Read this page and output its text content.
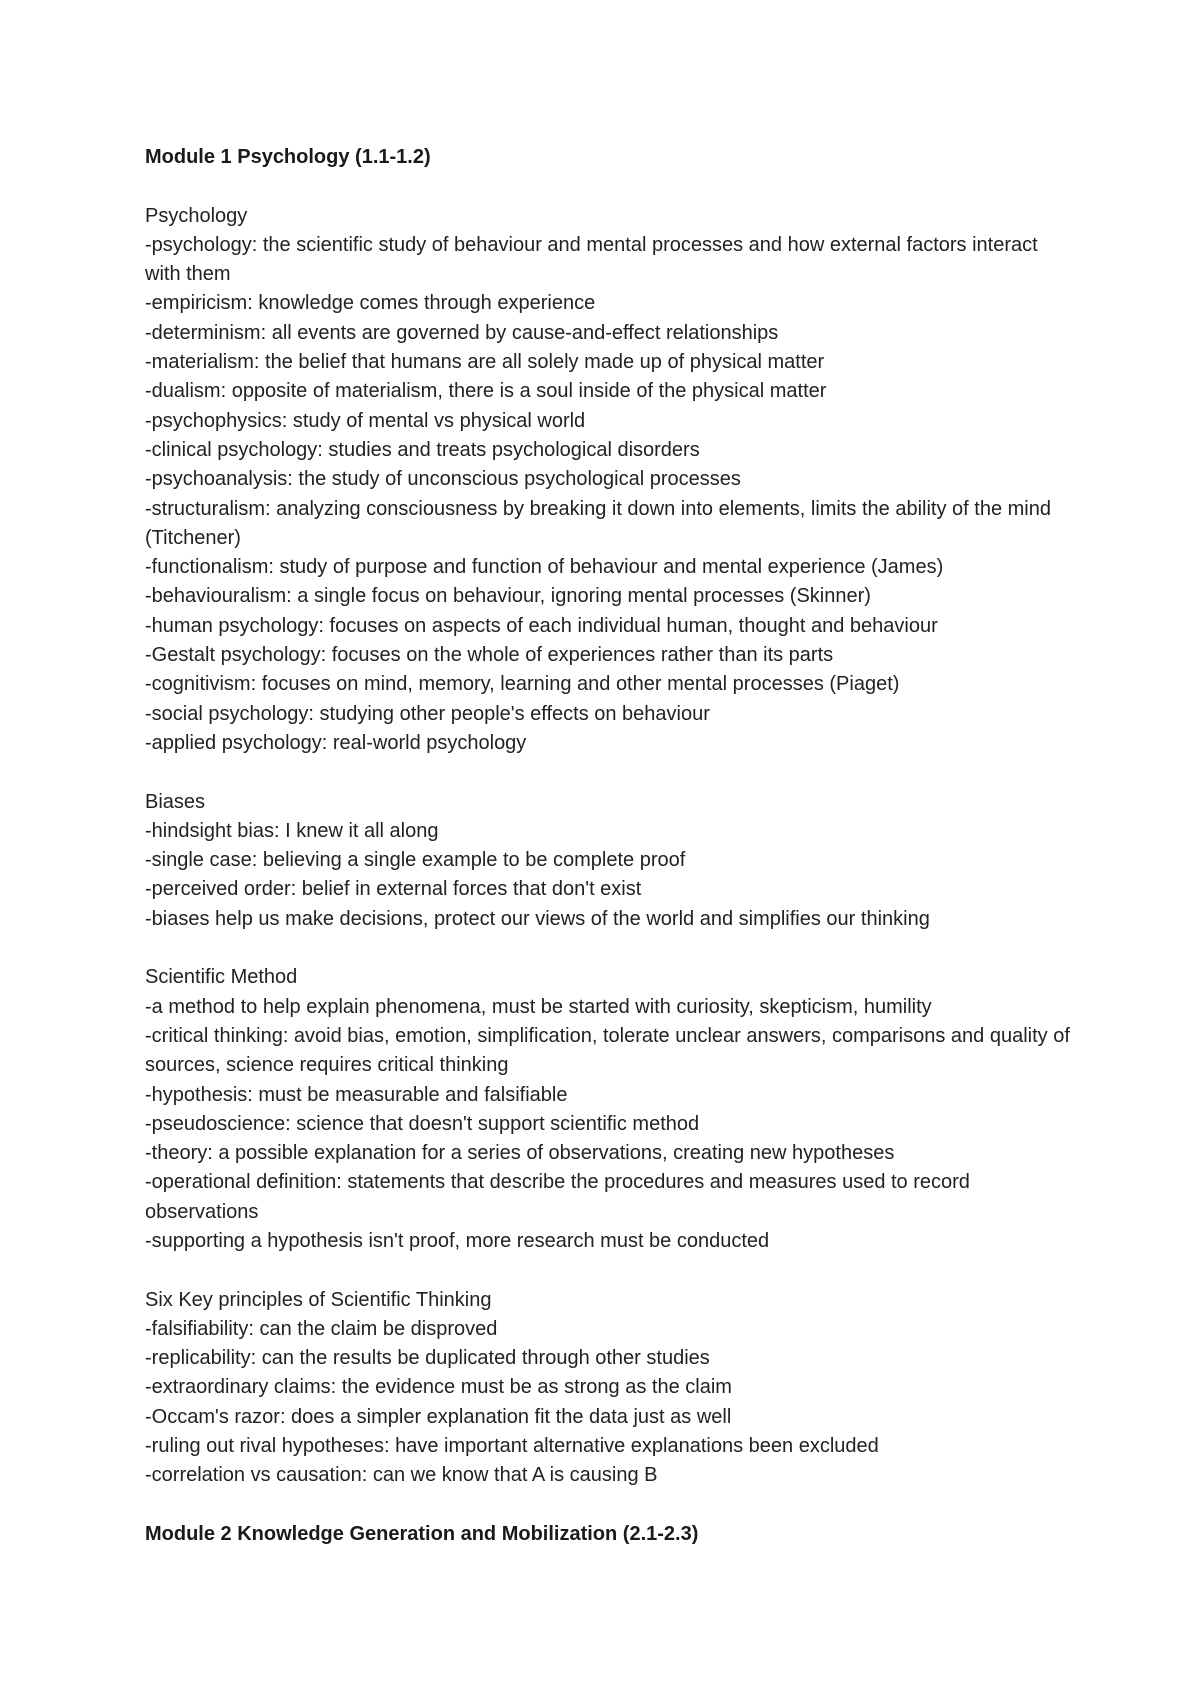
Module 1 Psychology (1.1-1.2)
Psychology
-psychology: the scientific study of behaviour and mental processes and how external factors interact with them
-empiricism: knowledge comes through experience
-determinism: all events are governed by cause-and-effect relationships
-materialism: the belief that humans are all solely made up of physical matter
-dualism: opposite of materialism, there is a soul inside of the physical matter
-psychophysics: study of mental vs physical world
-clinical psychology: studies and treats psychological disorders
-psychoanalysis: the study of unconscious psychological processes
-structuralism: analyzing consciousness by breaking it down into elements, limits the ability of the mind (Titchener)
-functionalism: study of purpose and function of behaviour and mental experience (James)
-behaviouralism: a single focus on behaviour, ignoring mental processes (Skinner)
-human psychology: focuses on aspects of each individual human, thought and behaviour
-Gestalt psychology: focuses on the whole of experiences rather than its parts
-cognitivism: focuses on mind, memory, learning and other mental processes (Piaget)
-social psychology: studying other people's effects on behaviour
-applied psychology: real-world psychology
Biases
-hindsight bias: I knew it all along
-single case: believing a single example to be complete proof
-perceived order: belief in external forces that don't exist
-biases help us make decisions, protect our views of the world and simplifies our thinking
Scientific Method
-a method to help explain phenomena, must be started with curiosity, skepticism, humility
-critical thinking: avoid bias, emotion, simplification, tolerate unclear answers, comparisons and quality of sources, science requires critical thinking
-hypothesis: must be measurable and falsifiable
-pseudoscience: science that doesn't support scientific method
-theory: a possible explanation for a series of observations, creating new hypotheses
-operational definition: statements that describe the procedures and measures used to record observations
-supporting a hypothesis isn't proof, more research must be conducted
Six Key principles of Scientific Thinking
-falsifiability: can the claim be disproved
-replicability: can the results be duplicated through other studies
-extraordinary claims: the evidence must be as strong as the claim
-Occam's razor: does a simpler explanation fit the data just as well
-ruling out rival hypotheses: have important alternative explanations been excluded
-correlation vs causation: can we know that A is causing B
Module 2 Knowledge Generation and Mobilization (2.1-2.3)
